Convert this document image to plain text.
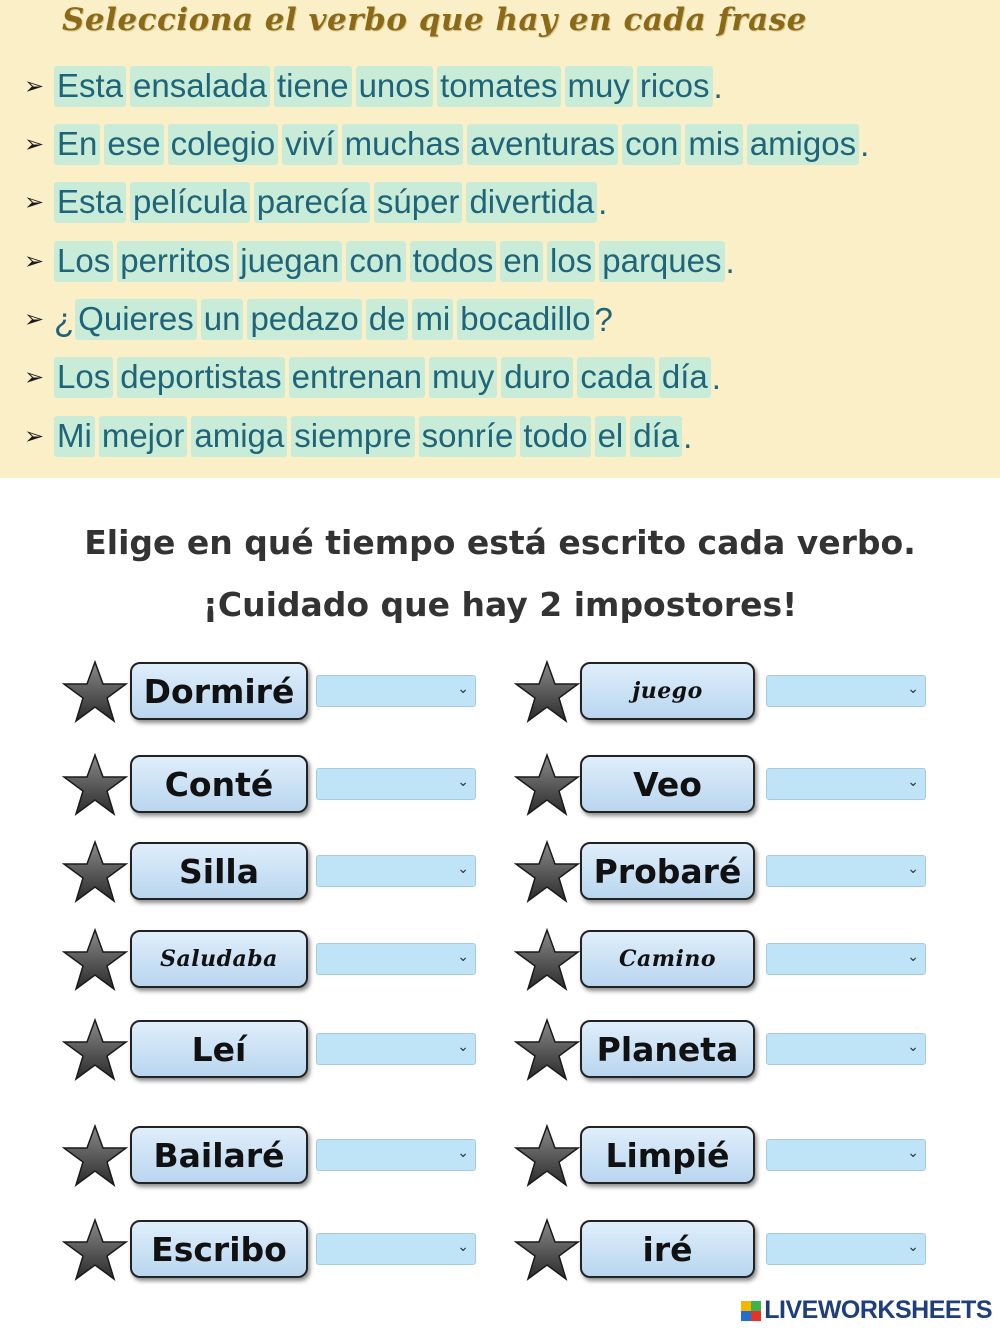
Selecciona el verbo que hay en cada frase
➢ Esta ensalada tiene unos tomates muy ricos .
➢ En ese colegio viví muchas aventuras con mis amigos .
➢ Esta película parecía súper divertida .
➢ Los perritos juegan con todos en los parques .
➢ ¿ Quieres un pedazo de mi bocadillo ?
➢ Los deportistas entrenan muy duro cada día .
➢ Mi mejor amiga siempre sonríe todo el día .

Elige en qué tiempo está escrito cada verbo.

¡Cuidado que hay 2 impostores!

Dormiré	⌄
Conté	⌄
Silla	⌄
Saludaba	⌄
Leí	⌄
Bailaré	⌄
Escribo	⌄
juego	⌄
Veo	⌄
Probaré	⌄
Camino	⌄
Planeta	⌄
Limpié	⌄
iré	⌄
LIVEWORKSHEETS
